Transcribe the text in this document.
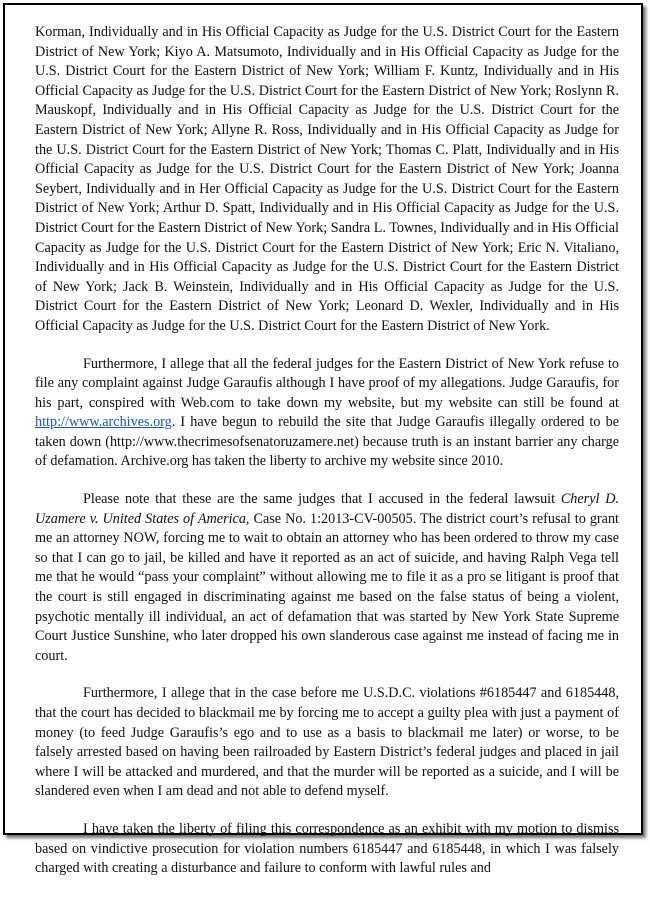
Korman, Individually and in His Official Capacity as Judge for the U.S. District Court for the Eastern District of New York; Kiyo A. Matsumoto, Individually and in His Official Capacity as Judge for the U.S. District Court for the Eastern District of New York; William F. Kuntz, Individually and in His Official Capacity as Judge for the U.S. District Court for the Eastern District of New York; Roslynn R. Mauskopf, Individually and in His Official Capacity as Judge for the U.S. District Court for the Eastern District of New York; Allyne R. Ross, Individually and in His Official Capacity as Judge for the U.S. District Court for the Eastern District of New York; Thomas C. Platt, Individually and in His Official Capacity as Judge for the U.S. District Court for the Eastern District of New York; Joanna Seybert, Individually and in Her Official Capacity as Judge for the U.S. District Court for the Eastern District of New York; Arthur D. Spatt, Individually and in His Official Capacity as Judge for the U.S. District Court for the Eastern District of New York; Sandra L. Townes, Individually and in His Official Capacity as Judge for the U.S. District Court for the Eastern District of New York; Eric N. Vitaliano, Individually and in His Official Capacity as Judge for the U.S. District Court for the Eastern District of New York; Jack B. Weinstein, Individually and in His Official Capacity as Judge for the U.S. District Court for the Eastern District of New York; Leonard D. Wexler, Individually and in His Official Capacity as Judge for the U.S. District Court for the Eastern District of New York.

Furthermore, I allege that all the federal judges for the Eastern District of New York refuse to file any complaint against Judge Garaufis although I have proof of my allegations. Judge Garaufis, for his part, conspired with Web.com to take down my website, but my website can still be found at http://www.archives.org. I have begun to rebuild the site that Judge Garaufis illegally ordered to be taken down (http://www.thecrimesofsenatoruzamere.net) because truth is an instant barrier any charge of defamation. Archive.org has taken the liberty to archive my website since 2010.

Please note that these are the same judges that I accused in the federal lawsuit Cheryl D. Uzamere v. United States of America, Case No. 1:2013-CV-00505. The district court’s refusal to grant me an attorney NOW, forcing me to wait to obtain an attorney who has been ordered to throw my case so that I can go to jail, be killed and have it reported as an act of suicide, and having Ralph Vega tell me that he would “pass your complaint” without allowing me to file it as a pro se litigant is proof that the court is still engaged in discriminating against me based on the false status of being a violent, psychotic mentally ill individual, an act of defamation that was started by New York State Supreme Court Justice Sunshine, who later dropped his own slanderous case against me instead of facing me in court.

Furthermore, I allege that in the case before me U.S.D.C. violations #6185447 and 6185448, that the court has decided to blackmail me by forcing me to accept a guilty plea with just a payment of money (to feed Judge Garaufis’s ego and to use as a basis to blackmail me later) or worse, to be falsely arrested based on having been railroaded by Eastern District’s federal judges and placed in jail where I will be attacked and murdered, and that the murder will be reported as a suicide, and I will be slandered even when I am dead and not able to defend myself.

I have taken the liberty of filing this correspondence as an exhibit with my motion to dismiss based on vindictive prosecution for violation numbers 6185447 and 6185448, in which I was falsely charged with creating a disturbance and failure to conform with lawful rules and
